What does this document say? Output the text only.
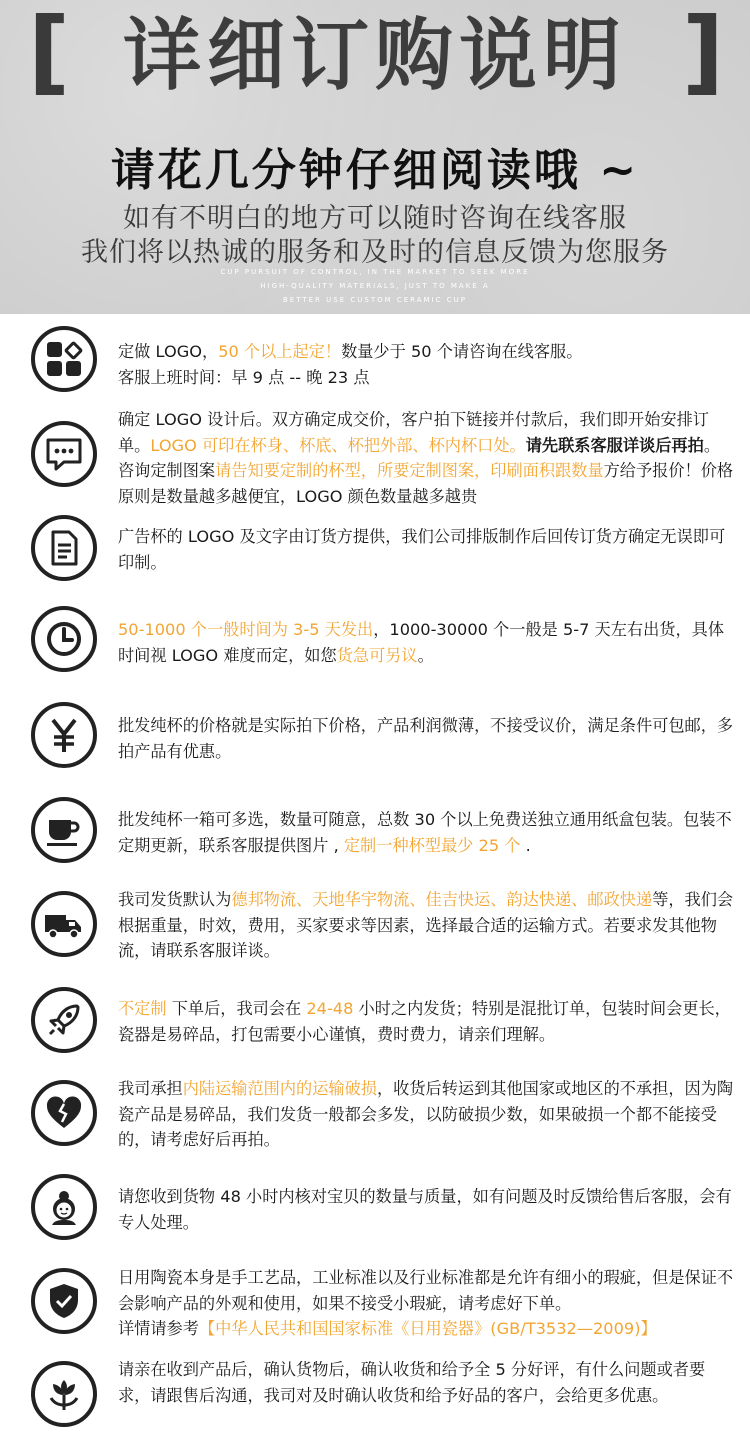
[ 详细订购说明 ]
请花几分钟仔细阅读哦 ~
如有不明白的地方可以随时咨询在线客服
我们将以热诚的服务和及时的信息反馈为您服务
CUP PURSUIT OF CONTROL, IN THE MARKET TO SEEK MORE
HIGH-QUALITY MATERIALS, JUST TO MAKE A
BETTER USE CUSTOM CERAMIC CUP
定做 LOGO，50 个以上起定！数量少于 50 个请咨询在线客服。
客服上班时间：早 9 点 -- 晚 23 点
确定 LOGO 设计后。双方确定成交价，客户拍下链接并付款后，我们即开始安排订单。LOGO 可印在杯身、杯底、杯把外部、杯内杯口处。请先联系客服详谈后再拍。咨询定制图案请告知要定制的杯型，所要定制图案，印刷面积跟数量方给予报价！价格原则是数量越多越便宜，LOGO 颜色数量越多越贵
广告杯的 LOGO 及文字由订货方提供，我们公司排版制作后回传订货方确定无误即可印制。
50-1000 个一般时间为 3-5 天发出，1000-30000 个一般是 5-7 天左右出货，具体时间视 LOGO 难度而定，如您货急可另议。
批发纯杯的价格就是实际拍下价格，产品利润微薄，不接受议价，满足条件可包邮，多拍产品有优惠。
批发纯杯一箱可多选，数量可随意，总数 30 个以上免费送独立通用纸盒包装。包装不定期更新，联系客服提供图片 , 定制一种杯型最少 25 个 .
我司发货默认为德邦物流、天地华宇物流、佳吉快运、韵达快递、邮政快递等，我们会根据重量，时效，费用，买家要求等因素，选择最合适的运输方式。若要求发其他物流，请联系客服详谈。
不定制 下单后，我司会在 24-48 小时之内发货；特别是混批订单，包装时间会更长，瓷器是易碎品，打包需要小心谨慎，费时费力，请亲们理解。
我司承担内陆运输范围内的运输破损，收货后转运到其他国家或地区的不承担，因为陶瓷产品是易碎品，我们发货一般都会多发，以防破损少数，如果破损一个都不能接受的，请考虑好后再拍。
请您收到货物 48 小时内核对宝贝的数量与质量，如有问题及时反馈给售后客服，会有专人处理。
日用陶瓷本身是手工艺品，工业标准以及行业标准都是允许有细小的瑕疵，但是保证不会影响产品的外观和使用，如果不接受小瑕疵，请考虑好下单。
详情请参考【中华人民共和国国家标准《日用瓷器》(GB/T3532—2009)】
请亲在收到产品后，确认货物后，确认收货和给予全 5 分好评，有什么问题或者要求，请跟售后沟通，我司对及时确认收货和给予好品的客户，会给更多优惠。
